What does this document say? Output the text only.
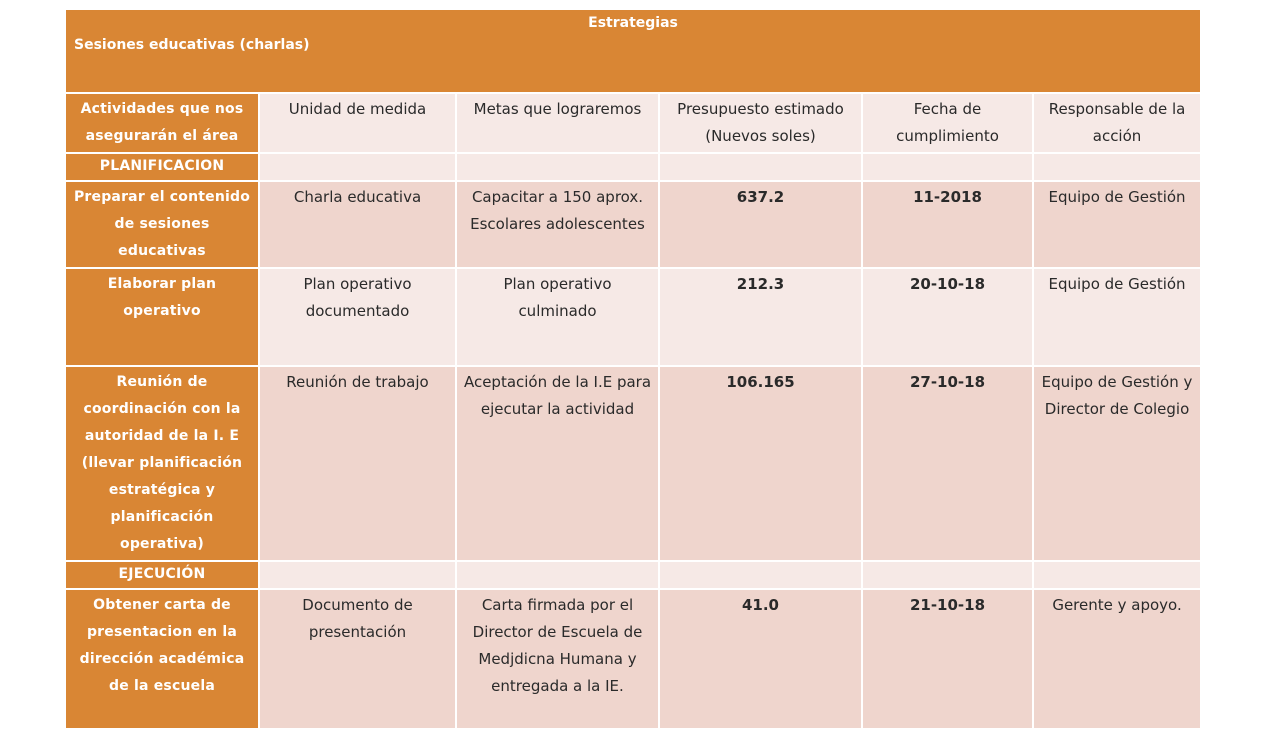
Estrategias
Sesiones educativas (charlas)					

Actividades que nos asegurarán el área	Unidad de medida	Metas que lograremos	Presupuesto estimado (Nuevos soles)	Fecha de cumplimiento	Responsable de la acción
PLANIFICACION					
Preparar el contenido de sesiones educativas	Charla educativa	Capacitar a 150 aprox. Escolares adolescentes	637.2	11-2018	Equipo de Gestión
Elaborar plan operativo	Plan operativo documentado	Plan operativo culminado	212.3	20-10-18	Equipo de Gestión
Reunión de coordinación con la autoridad de la I. E (llevar planificación estratégica y planificación operativa)	Reunión de trabajo	Aceptación de la I.E para ejecutar la actividad	106.165	27-10-18	Equipo de Gestión y Director de Colegio
EJECUCIÓN					
Obtener carta de presentacion en la dirección académica de la escuela	Documento de presentación	Carta firmada por el Director de Escuela de Medjdicna Humana y entregada a la IE.	41.0	21-10-18	Gerente y apoyo.
